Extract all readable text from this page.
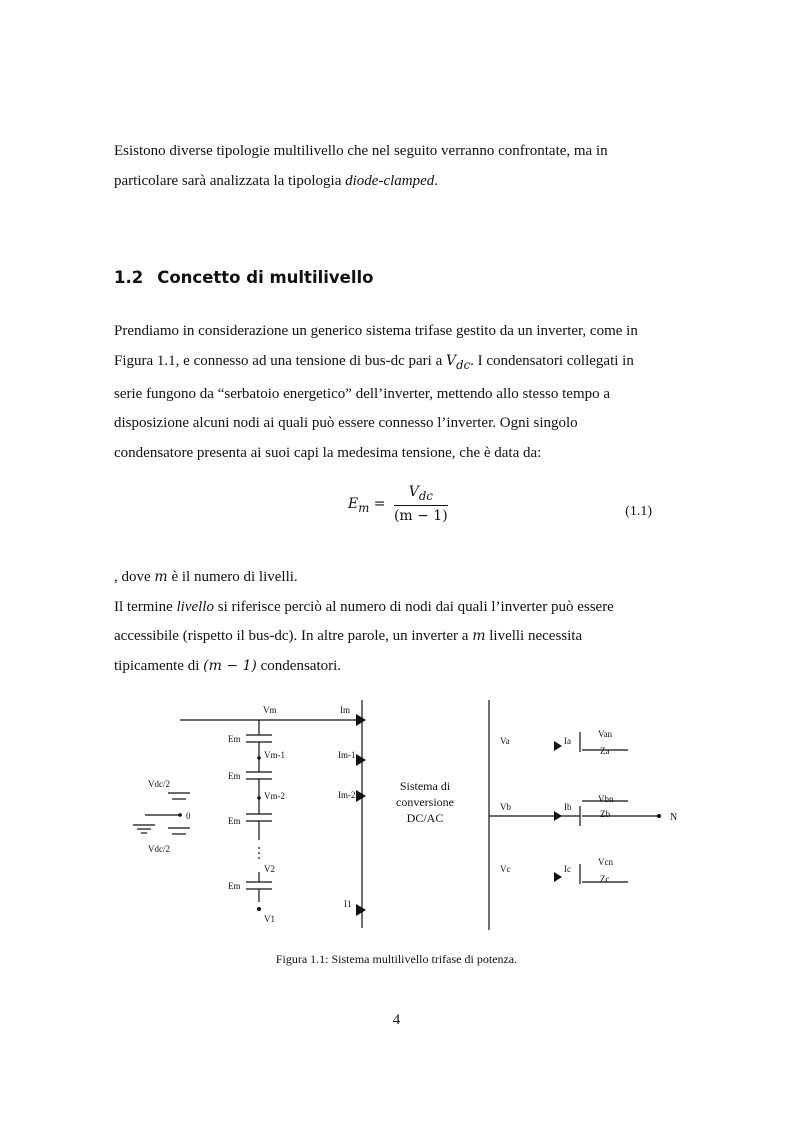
Esistono diverse tipologie multilivello che nel seguito verranno confrontate, ma in
particolare sarà analizzata la tipologia diode-clamped.

1.2 Concetto di multilivello

Prendiamo in considerazione un generico sistema trifase gestito da un inverter, come in
Figura 1.1, e connesso ad una tensione di bus-dc pari a $V_{dc}$. I condensatori collegati in
serie fungono da “serbatoio energetico” dell’inverter, mettendo allo stesso tempo a
disposizione alcuni nodi ai quali può essere connesso l’inverter. Ogni singolo
condensatore presenta ai suoi capi la medesima tensione, che è data da:

$E_m = \frac{V_{dc}}{(m - 1)}$	(1.1)

, dove m è il numero di livelli.
Il termine livello si riferisce perciò al numero di nodi dai quali l’inverter può essere
accessibile (rispetto il bus-dc). In altre parole, un inverter a m livelli necessita
tipicamente di (m − 1) condensatori.

Vm	Im
Em
Vm-1	Im-1
Em
Vm-2	Im-2
Em
V2
Em
V1
I1
Vdc/2
Vdc/2
0
Va	Ia
Van
Za
Vb	Ib
Vbn
Zb
Vc	Ic
Vcn
Zc
N
Sistema di
conversione
DC/AC

Figura 1.1: Sistema multilivello trifase di potenza.

4
